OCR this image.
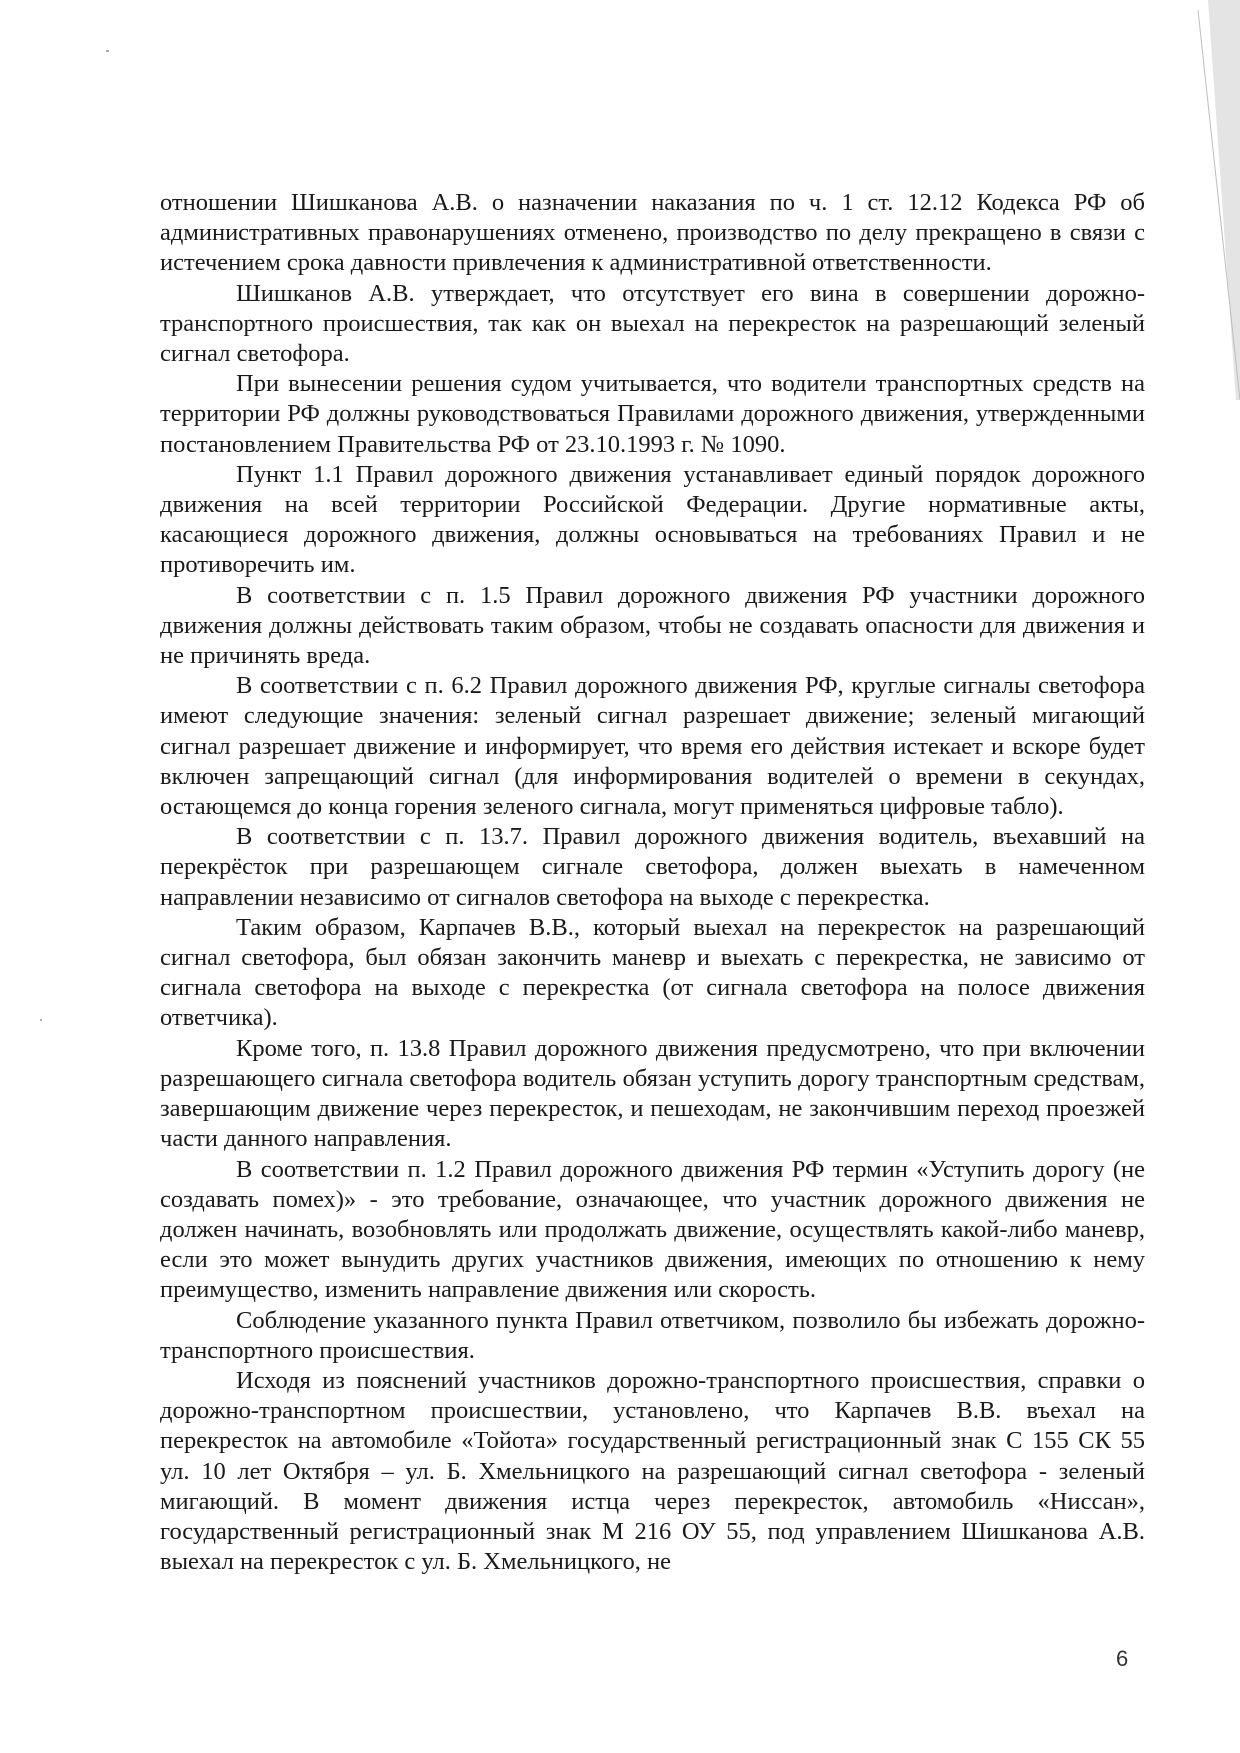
отношении Шишканова А.В. о назначении наказания по ч. 1 ст. 12.12 Кодекса РФ об административных правонарушениях отменено, производство по делу прекращено в связи с истечением срока давности привлечения к административной ответственности.

Шишканов А.В. утверждает, что отсутствует его вина в совершении дорожно-транспортного происшествия, так как он выехал на перекресток на разрешающий зеленый сигнал светофора.

При вынесении решения судом учитывается, что водители транспортных средств на территории РФ должны руководствоваться Правилами дорожного движения, утвержденными постановлением Правительства РФ от 23.10.1993 г. № 1090.

Пункт 1.1 Правил дорожного движения устанавливает единый порядок дорожного движения на всей территории Российской Федерации. Другие нормативные акты, касающиеся дорожного движения, должны основываться на требованиях Правил и не противоречить им.

В соответствии с п. 1.5 Правил дорожного движения РФ участники дорожного движения должны действовать таким образом, чтобы не создавать опасности для движения и не причинять вреда.

В соответствии с п. 6.2 Правил дорожного движения РФ, круглые сигналы светофора имеют следующие значения: зеленый сигнал разрешает движение; зеленый мигающий сигнал разрешает движение и информирует, что время его действия истекает и вскоре будет включен запрещающий сигнал (для информирования водителей о времени в секундах, остающемся до конца горения зеленого сигнала, могут применяться цифровые табло).

В соответствии с п. 13.7. Правил дорожного движения водитель, въехавший на перекрёсток при разрешающем сигнале светофора, должен выехать в намеченном направлении независимо от сигналов светофора на выходе с перекрестка.

Таким образом, Карпачев В.В., который выехал на перекресток на разрешающий сигнал светофора, был обязан закончить маневр и выехать с перекрестка, не зависимо от сигнала светофора на выходе с перекрестка (от сигнала светофора на полосе движения ответчика).

Кроме того, п. 13.8 Правил дорожного движения предусмотрено, что при включении разрешающего сигнала светофора водитель обязан уступить дорогу транспортным средствам, завершающим движение через перекресток, и пешеходам, не закончившим переход проезжей части данного направления.

В соответствии п. 1.2 Правил дорожного движения РФ термин «Уступить дорогу (не создавать помех)» - это требование, означающее, что участник дорожного движения не должен начинать, возобновлять или продолжать движение, осуществлять какой-либо маневр, если это может вынудить других участников движения, имеющих по отношению к нему преимущество, изменить направление движения или скорость.

Соблюдение указанного пункта Правил ответчиком, позволило бы избежать дорожно-транспортного происшествия.

Исходя из пояснений участников дорожно-транспортного происшествия, справки о дорожно-транспортном происшествии, установлено, что Карпачев В.В. въехал на перекресток на автомобиле «Тойота» государственный регистрационный знак С 155 СК 55 ул. 10 лет Октября – ул. Б. Хмельницкого на разрешающий сигнал светофора - зеленый мигающий. В момент движения истца через перекресток, автомобиль «Ниссан», государственный регистрационный знак М 216 ОУ 55, под управлением Шишканова А.В. выехал на перекресток с ул. Б. Хмельницкого, не

6
